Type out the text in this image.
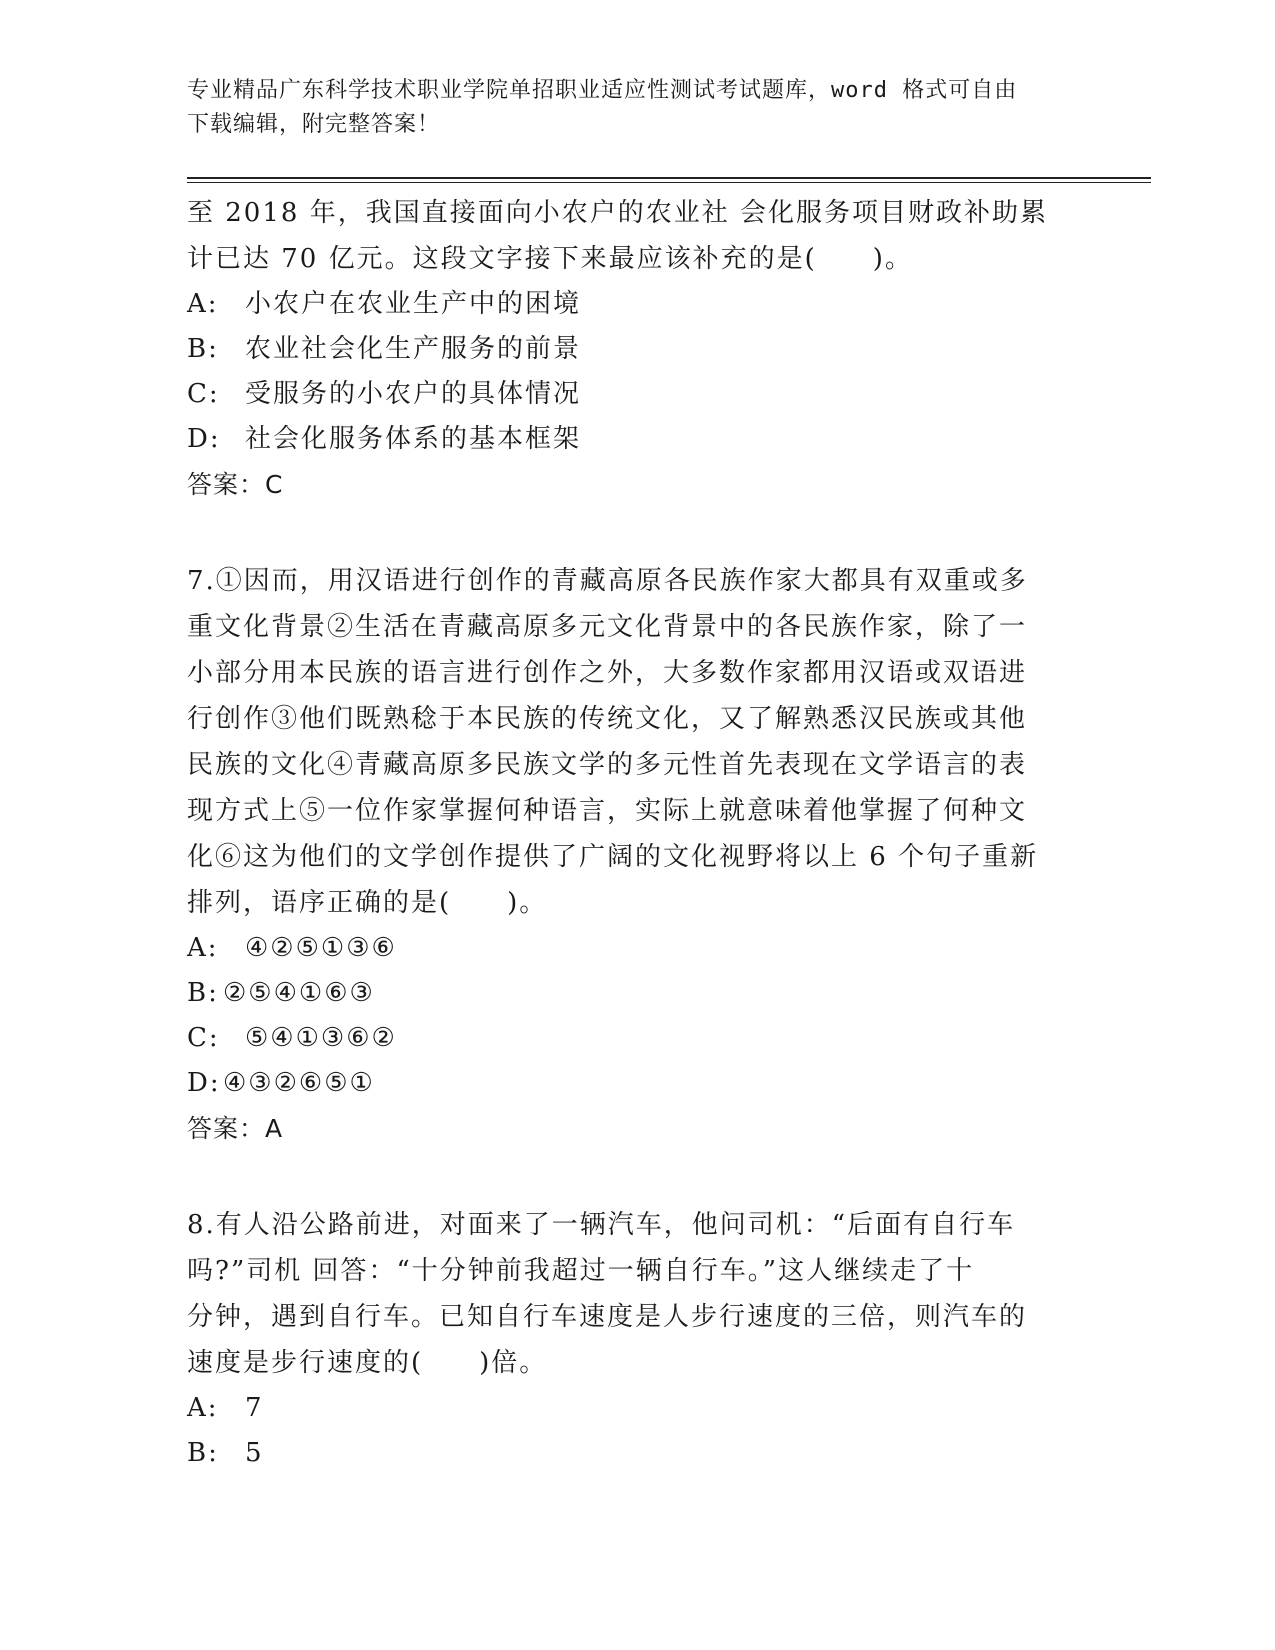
专业精品广东科学技术职业学院单招职业适应性测试考试题库，word 格式可自由
下载编辑，附完整答案！

至 2018 年，我国直接面向小农户的农业社 会化服务项目财政补助累
计已达 70 亿元。这段文字接下来最应该补充的是(　　)。

A: 小农户在农业生产中的困境

B: 农业社会化生产服务的前景

C: 受服务的小农户的具体情况

D: 社会化服务体系的基本框架

答案：C

7.①因而，用汉语进行创作的青藏高原各民族作家大都具有双重或多
重文化背景②生活在青藏高原多元文化背景中的各民族作家，除了一
小部分用本民族的语言进行创作之外，大多数作家都用汉语或双语进
行创作③他们既熟稔于本民族的传统文化，又了解熟悉汉民族或其他
民族的文化④青藏高原多民族文学的多元性首先表现在文学语言的表
现方式上⑤一位作家掌握何种语言，实际上就意味着他掌握了何种文
化⑥这为他们的文学创作提供了广阔的文化视野将以上 6 个句子重新
排列，语序正确的是(　　)。

A: ④②⑤①③⑥

B: ②⑤④①⑥③

C: ⑤④①③⑥②

D:④③②⑥⑤①

答案：A

8.有人沿公路前进，对面来了一辆汽车，他问司机：“后面有自行车
吗?”司机 回答：“十分钟前我超过一辆自行车。”这人继续走了十
分钟，遇到自行车。已知自行车速度是人步行速度的三倍，则汽车的
速度是步行速度的(　　)倍。

A: 7

B: 5
